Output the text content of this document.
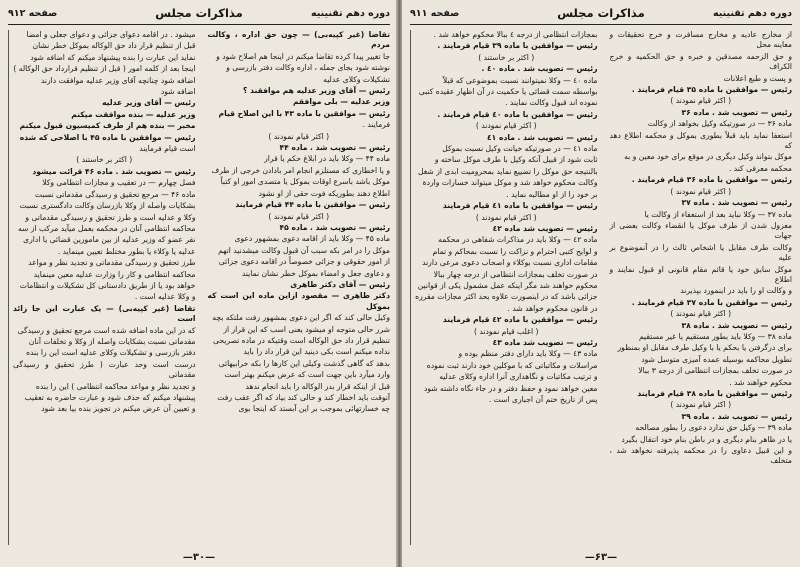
دوره دهم تقنینیه
مذاکرات مجلس
صفحه ۹۱۲

تقاضا (غیر کپیه‌بی) — چون حق اداره ، وکالت مردم

جا تغییر پیدا کرده تقاضا میکنم در اینجا هم اصلاح شود و

نوشته شود بجای جمله ، اداره وکالت دفتر بازرسی و

تشکیلات وکلای عدلیه

رئیس — آقای وزیر عدلیه هم موافقند ؟

وزیر عدلیه — بلی موافقم

رئیس — موافقین با ماده ۴۳ با این اصلاح قیام

فرمایند .

( اکثر قیام نمودند )

رئیس — تصویب شد . ماده ۴۴

ماده ۴۴ — وکلا باید در ابلاغ حکم یا قرار

و یا اخطاری که مستلزم انجام امر بادادن خرجی از طرف

موکل باشد باسرع اوقات بموکل یا متصدی امور او کتباً

اطلاع دهند بطوریکه فوت حقی از او نشود

رئیس — موافقین با ماده ۴۴ قیام فرمایند

( اکثر قیام نمودند )

رئیس — تصویب شد . ماده ۴۵

ماده ۴۵ — وکلا باید از اقامه دعوی بمشهور دعوی

موکل را در امر بکه سبب آن قبول وکالت میشدنید اتهم

از امور حقوقی و جزائی خصوصاً در اقامه دعوی جزائی

و دعاوی جعل و امضاء بموکل خطر نشان نمایند

رئیس — آقای دکتر طاهری

دکتر طاهری — مقصود ازاین ماده این است که بموکل

وکیل حالی کند که اگر این دعوی بمشهور رفت ملتکه بچه

شرر حالی متوجه او میشود یعنی اسب که این قرار از

تنظیم قرار داد حق الوکاله است وقتیکه در ماده تصریحی

نداده میکنم است بکی دینید این قرار داد را باید

بدهد که گاهی گذشت وکیلی این کارها را بکه خرابیهائی

وارد میآرد باین جهت است که عرض میکنم بهتر است

قبل از اینکه قرار بدر الوکاله را باید انجام ندهد

آنوقت باید اخطار کند و حالی کند بیاد که اگر عقب رفت

چه خسارتهائی بموجب بر این آبستد که اینجا بوی

میشود . در اقامه دعوای جزائی و دعوای جعلی و امضا

قبل از تنظیم قرار داد حق الوکاله بموکل خطر نشان

نماید این عبارت را بنده پیشنهاد میکنم که اضافه شود

اینجا بعد از کلمه امور ( قبل از تنظیم قرارداد حق الوکاله )

اضافه شود چنانچه آقای وزیر عدلیه موافقت دارند

اضافه شود

رئیس — آقای وزیر عدلیه

وزیر عدلیه — بنده موافقت میکنم

مخبر — بنده هم از طرف کمیسیون قبول میکنم

رئیس — موافقین با ماده ۴۵ با اصلاحی که شده

است قیام فرمایند

( اکثر بر خاستند )

رئیس — تصویب شد . ماده ۴۶ قرائت میشود

فصل چهارم — در تعقیب و مجازات انتظامی وکلا

ماده ۴۶ — مرجع تحقیق و رسیدگی مقدماتی نسبت

بشکایات واصله از وکلا بازرسان وکالت دادگستری نسبت

وکلا و عدلیه است و طرز تحقیق و رسیدگی مقدماتی و

محاکمه انتظامی آنان در محکمه بعمل میآید مرکب از سه

نفر عضو که وزیر عدلیه از بین مامورین قضائی یا اداری

عدلیه یا وکلاء یا بطور مختلط تعیین مینماید .

طرز تحقیق و رسیدگی مقدماتی و تجدید نظر و مواعد

محاکمه انتظامی و کار را وزارت عدلیه معین مینماید

خواهد بود یا از طریق دادستانی کل تشکیلات و انتظامات

و وکلا عدلیه است .

تقاضا (غیر کپیه‌بی) — یک عبارت این جا زائد است

که در این ماده اضافه شده است مرجع تحقیق و رسیدگی

مقدماتی نسبت بشکایات واصله از وکلا و تخلفات آنان

دفتر بازرسی و تشکیلات وکلای عدلیه است این را بنده

درست است وحد عبارت ( طرز تحقیق و رسیدگی مقدماتی

و تجدید نظر و مواعد محاکمه انتظامی ) این را بنده

پیشنهاد میکنم که حذف شود و عبارت حاضره به تعقیب

و تعیین آن عرض میکنم در تجویز بنده بیا بعد شود

—۳۰—
دوره دهم تقنینیه
مذاکرات مجلس
صفحه ۹۱۱

از مخارج عادیه و مخارج مسافرت و خرج تحقیقات و معاینه محل

و حق الزحمه مصدقین و خبره و حق الحکمیه و خرج الکراف

و پست و طبع اعلانات

رئیس — موافقین با ماده ۳۵ قیام فرمایند .

( اکثر قیام نمودند )

رئیس — تصویب شد . ماده ۳۶

ماده ۳۶ — در صورتیکه وکیل بخواهد از وکالت

استعفا نماید باید قبلاً بطوری بموکل و محکمه اطلاع دهد که

موکل بتواند وکیل دیگری در موقع برای خود معین و به

محکمه معرفی کند .

رئیس — موافقین با ماده ۳۶ قیام فرمایند .

( اکثر قیام نمودند )

رئیس — تصویب شد . ماده ۳۷

ماده ۳۷ — وکلا نباید بعد از استعفاء از وکالت یا

معزول شدن از طرف موکل یا انقضاء وکالت بعضی از جهات

وکالت طرف مقابل یا اشخاص ثالث را در آنموضوع بر علیه

موکل سابق خود یا قائم مقام قانونی او قبول نمایند و اطلاع

و وکالت او را باید در اینمورد بپذیرند

رئیس — موافقین با ماده ۳۷ قیام فرمایند .

( اکثر قیام نمودند )

رئیس — تصویب شد . ماده ۳۸

ماده ۳۸ — وکلا باید بطور مستقیم یا غیر مستقیم

برای درگرفتن یا بحکم یا با وکیل طرف مقابل او بمنظور

تطویل محاکمه بوسیله عمده آمیزی متوسل شود

در صورت تخلف بمجازات انتظامی از درجه ۳ ببالا

محکوم خواهند شد .

رئیس — موافقین با ماده ۳۸ قیام فرمایند

( اکثر قیام نمودند )

رئیس — تصویب شد . ماده ۳۹

ماده ۳۹ — وکیل حق ندارد دعوی را بطور مصالحه

یا در ظاهر بنام دیگری و در باطن بنام خود انتقال بگیرد

و این قبیل دعاوی را در محکمه پذیرفته نخواهد شد ، متخلف

بمجازات انتظامی از درجه ٤ ببالا محکوم خواهد شد .

رئیس — موافقین با ماده ۳۹ قیام فرمایند .

( اکثر بر خاستند )

رئیس — تصویب شد . ماده ٤٠ .

ماده ٤٠ — وکلا نمیتوانند نسبت بموضوعی که قبلاً

بواسطه سمت قضائی یا حکمیت در آن اظهار عقیده کتبی

نموده اند قبول وکالت نمایند .

رئیس — موافقین با ماده ٤٠ قیام فرمایند .

( اکثر قیام نمودند )

رئیس — تصویب شد . ماده ٤١

ماده ٤١ — در صورتیکه خیانت وکیل نسبت بموکل

ثابت شود از قبیل آنکه وکیل با طرف موکل ساخته و

بالنتیجه حق موکل را تضییع نماید بمحرومیت ابدی از شغل

وکالت محکوم خواهد شد و موکل میتواند خسارات واردة

بر خود را از او مطالبه نماید .

رئیس — موافقین با ماده ٤١ قیام فرمایند

( اکثر قیام نمودند )

رئیس — تصویب شد ماده ٤٢

ماده ٤٢ — وکلا باید در مذاکرات شفاهی در محکمه

و لوایح کتبی احترام و نزاکت را نسبت بمحاکم و تمام

مقامات اداری نسبت بوکلاء و اصحاب دعوی مرعی دارند

در صورت تخلف بمجازات انتظامی از درجه چهار ببالا

محکوم خواهند شد مگر اینکه عمل مشمول یکی از قوانین

جزائی باشد که در اینصورت علاوه بحد اکثر مجازات مقرره

در قانون محکوم خواهد شد .

رئیس — موافقین با ماده ٤٢ قیام فرمایند

( اغلب قیام نمودند )

رئیس — تصویب شد ماده ٤٣

ماده ٤٣ — وکلا باید دارای دفتر منظم بوده و

مراسلات و مکاتباتی که با موکلین خود دارند ثبت نموده

و ترتیب مکاتبات و نگاهداری آنرا اداره وکلای عدلیه

معین خواهد نمود و حفظ دفتر و در جاء نگاه داشته شود

پس از تاریخ ختم آن اجباری است .

—۶۳—
